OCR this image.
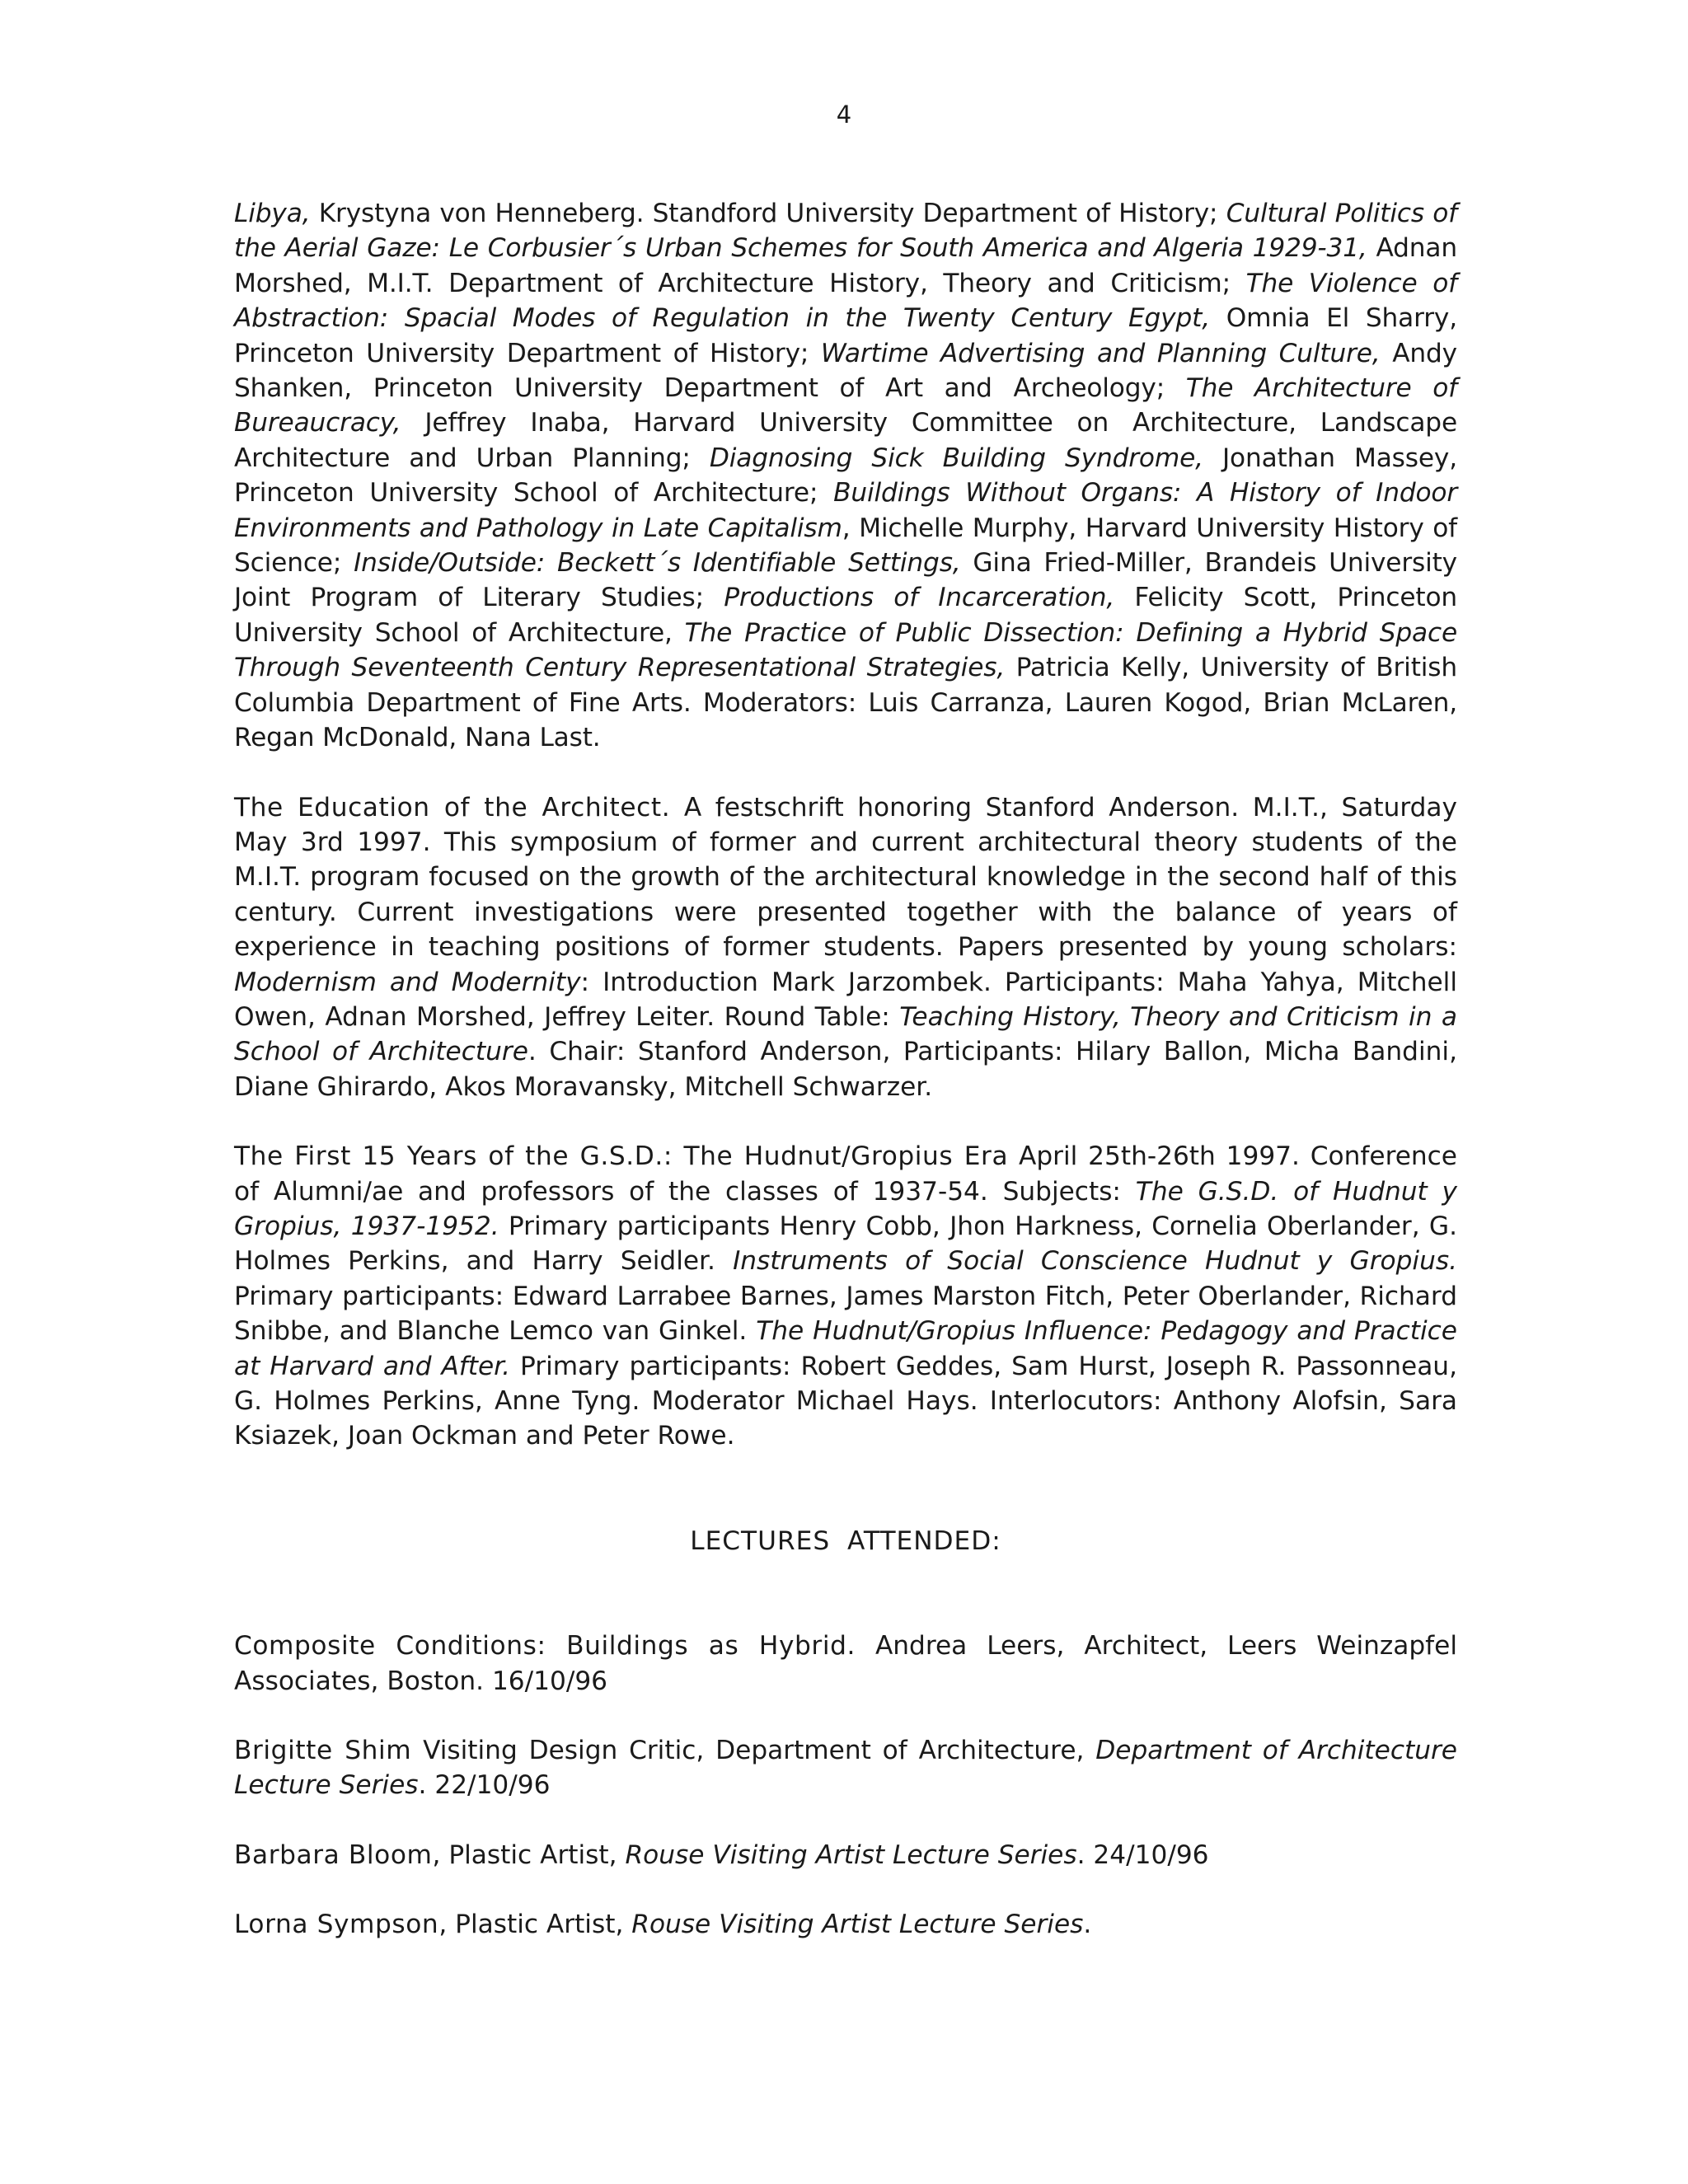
4

Libya, Krystyna von Henneberg. Standford University Department of History; Cultural Politics of the Aerial Gaze: Le Corbusier´s Urban Schemes for South America and Algeria 1929-31, Adnan Morshed, M.I.T. Department of Architecture History, Theory and Criticism; The Violence of Abstraction: Spacial Modes of Regulation in the Twenty Century Egypt, Omnia El Sharry, Princeton University Department of History; Wartime Advertising and Planning Culture, Andy Shanken, Princeton University Department of Art and Archeology; The Architecture of Bureaucracy, Jeffrey Inaba, Harvard University Committee on Architecture, Landscape Architecture and Urban Planning; Diagnosing Sick Building Syndrome, Jonathan Massey, Princeton University School of Architecture; Buildings Without Organs: A History of Indoor Environments and Pathology in Late Capitalism, Michelle Murphy, Harvard University History of Science; Inside/Outside: Beckett´s Identifiable Settings, Gina Fried-Miller, Brandeis University Joint Program of Literary Studies; Productions of Incarceration, Felicity Scott, Princeton University School of Architecture, The Practice of Public Dissection: Defining a Hybrid Space Through Seventeenth Century Representational Strategies, Patricia Kelly, University of British Columbia Department of Fine Arts. Moderators: Luis Carranza, Lauren Kogod, Brian McLaren, Regan McDonald, Nana Last.

The Education of the Architect. A festschrift honoring Stanford Anderson. M.I.T., Saturday May 3rd 1997. This symposium of former and current architectural theory students of the M.I.T. program focused on the growth of the architectural knowledge in the second half of this century. Current investigations were presented together with the balance of years of experience in teaching positions of former students. Papers presented by young scholars: Modernism and Modernity: Introduction Mark Jarzombek. Participants: Maha Yahya, Mitchell Owen, Adnan Morshed, Jeffrey Leiter. Round Table: Teaching History, Theory and Criticism in a School of Architecture. Chair: Stanford Anderson, Participants: Hilary Ballon, Micha Bandini, Diane Ghirardo, Akos Moravansky, Mitchell Schwarzer.

The First 15 Years of the G.S.D.: The Hudnut/Gropius Era April 25th-26th 1997. Conference of Alumni/ae and professors of the classes of 1937-54. Subjects: The G.S.D. of Hudnut y Gropius, 1937-1952. Primary participants Henry Cobb, Jhon Harkness, Cornelia Oberlander, G. Holmes Perkins, and Harry Seidler. Instruments of Social Conscience Hudnut y Gropius. Primary participants: Edward Larrabee Barnes, James Marston Fitch, Peter Oberlander, Richard Snibbe, and Blanche Lemco van Ginkel. The Hudnut/Gropius Influence: Pedagogy and Practice at Harvard and After. Primary participants: Robert Geddes, Sam Hurst, Joseph R. Passonneau, G. Holmes Perkins, Anne Tyng. Moderator Michael Hays. Interlocutors: Anthony Alofsin, Sara Ksiazek, Joan Ockman and Peter Rowe.

LECTURES ATTENDED:

Composite Conditions: Buildings as Hybrid. Andrea Leers, Architect, Leers Weinzapfel Associates, Boston. 16/10/96

Brigitte Shim Visiting Design Critic, Department of Architecture, Department of Architecture Lecture Series. 22/10/96

Barbara Bloom, Plastic Artist, Rouse Visiting Artist Lecture Series. 24/10/96

Lorna Sympson, Plastic Artist, Rouse Visiting Artist Lecture Series.
